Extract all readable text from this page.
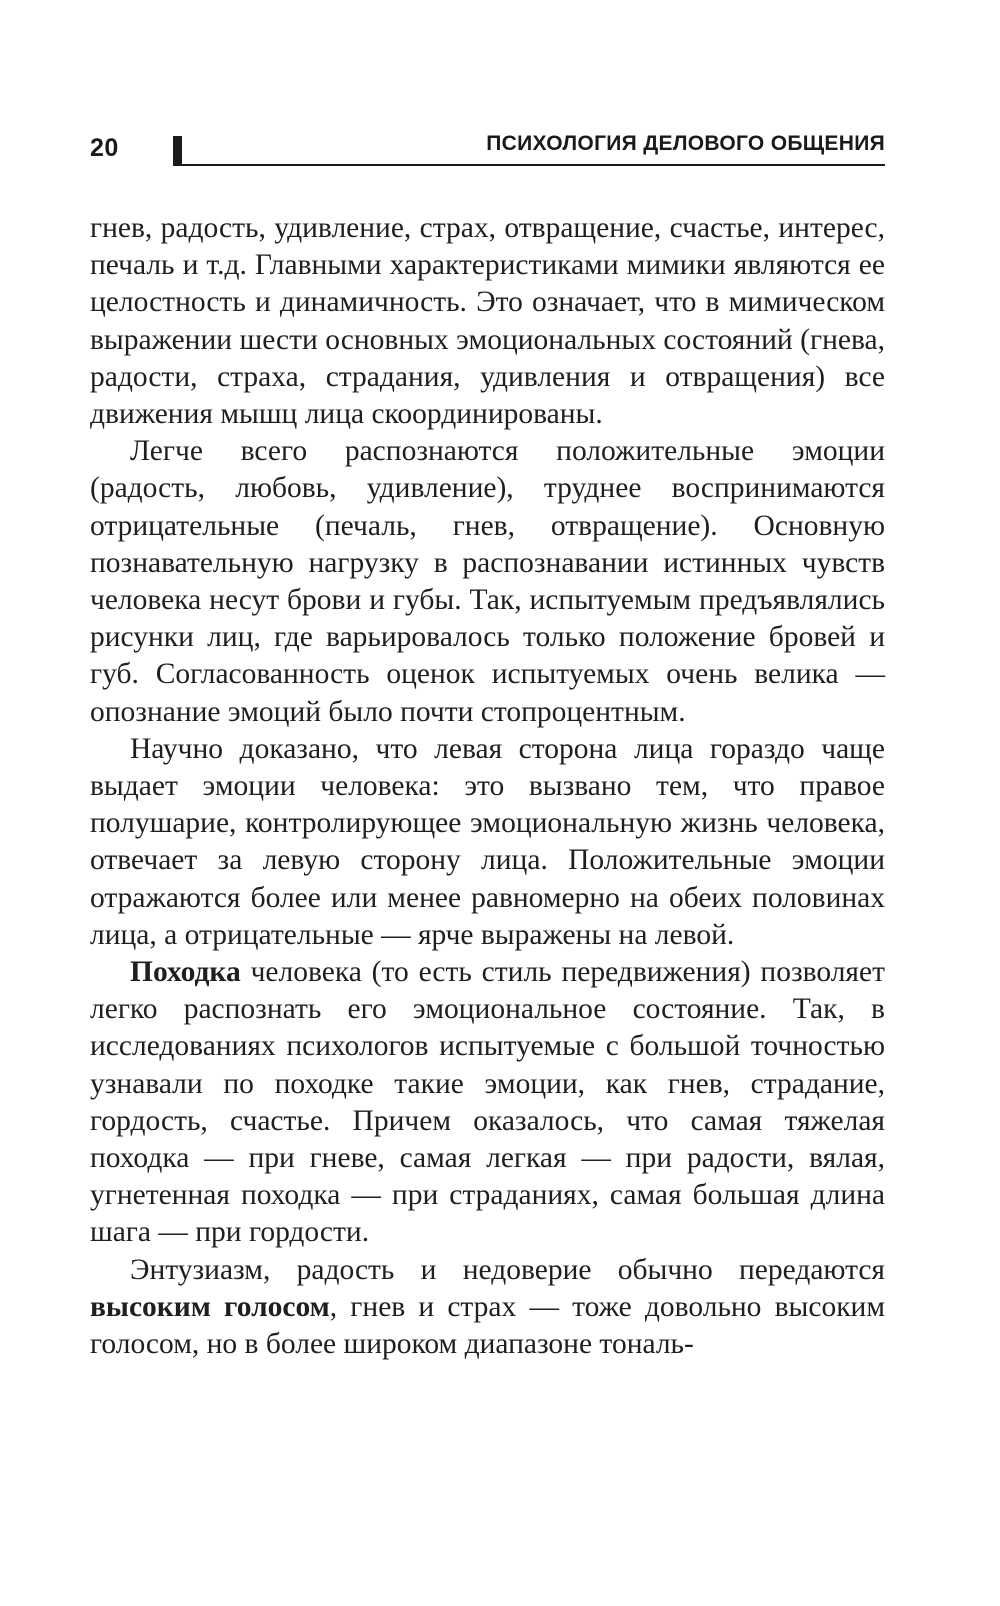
20	ПСИХОЛОГИЯ ДЕЛОВОГО ОБЩЕНИЯ

гнев, радость, удивление, страх, отвращение, счастье, интерес, печаль и т.д. Главными характеристиками мимики являются ее целостность и динамичность. Это означает, что в мимическом выражении шести основных эмоциональных состояний (гнева, радости, страха, страдания, удивления и отвращения) все движения мышц лица скоординированы.

Легче всего распознаются положительные эмоции (радость, любовь, удивление), труднее воспринимаются отрицательные (печаль, гнев, отвращение). Основную познавательную нагрузку в распознавании истинных чувств человека несут брови и губы. Так, испытуемым предъявлялись рисунки лиц, где варьировалось только положение бровей и губ. Согласованность оценок испытуемых очень велика — опознание эмоций было почти стопроцентным.

Научно доказано, что левая сторона лица гораздо чаще выдает эмоции человека: это вызвано тем, что правое полушарие, контролирующее эмоциональную жизнь человека, отвечает за левую сторону лица. Положительные эмоции отражаются более или менее равномерно на обеих половинах лица, а отрицательные — ярче выражены на левой.

Походка человека (то есть стиль передвижения) позволяет легко распознать его эмоциональное состояние. Так, в исследованиях психологов испытуемые с большой точностью узнавали по походке такие эмоции, как гнев, страдание, гордость, счастье. Причем оказалось, что самая тяжелая походка — при гневе, самая легкая — при радости, вялая, угнетенная походка — при страданиях, самая большая длина шага — при гордости.

Энтузиазм, радость и недоверие обычно передаются высоким голосом, гнев и страх — тоже довольно высоким голосом, но в более широком диапазоне тональ-
